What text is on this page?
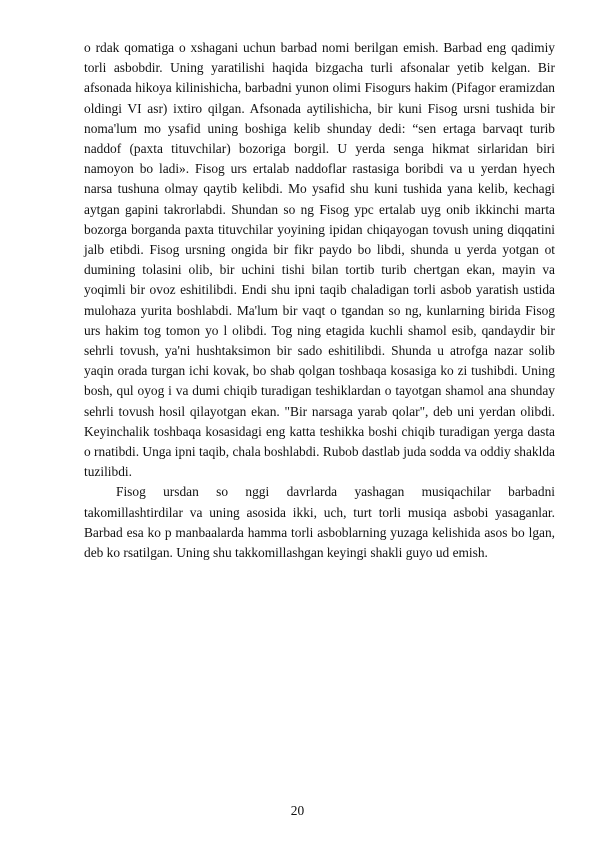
o rdak qomatiga o xshagani uchun barbad nomi berilgan emish. Barbad eng qadimiy torli asbobdir. Uning yaratilishi haqida bizgacha turli afsonalar yetib kelgan. Bir afsonada hikoya kilinishicha, barbadni yunon olimi Fisogurs hakim (Pifagor eramizdan oldingi VI asr) ixtiro qilgan. Afsonada aytilishicha, bir kuni Fisog ursni tushida bir noma'lum mo ysafid uning boshiga kelib shunday dedi: “sen ertaga barvaqt turib naddof (paxta tituvchilar) bozoriga borgil. U yerda senga hikmat sirlaridan biri namoyon bo ladi». Fisog urs ertalab naddoflar rastasiga boribdi va u yerdan hyech narsa tushuna olmay qaytib kelibdi. Mo ysafid shu kuni tushida yana kelib, kechagi aytgan gapini takrorlabdi. Shundan so ng Fisog ypc ertalab uyg onib ikkinchi marta bozorga borganda paxta tituvchilar yoyining ipidan chiqayogan tovush uning diqqatini jalb etibdi. Fisog ursning ongida bir fikr paydo bo libdi, shunda u yerda yotgan ot dumining tolasini olib, bir uchini tishi bilan tortib turib chertgan ekan, mayin va yoqimli bir ovoz eshitilibdi. Endi shu ipni taqib chaladigan torli asbob yaratish ustida mulohaza yurita boshlabdi. Ma'lum bir vaqt o tgandan so ng, kunlarning birida Fisog urs hakim tog tomon yo l olibdi. Tog ning etagida kuchli shamol esib, qandaydir bir sehrli tovush, ya'ni hushtaksimon bir sado eshitilibdi. Shunda u atrofga nazar solib yaqin orada turgan ichi kovak, bo shab qolgan toshbaqa kosasiga ko zi tushibdi. Uning bosh, qul oyog i va dumi chiqib turadigan teshiklardan o tayotgan shamol ana shunday sehrli tovush hosil qilayotgan ekan. "Bir narsaga yarab qolar", deb uni yerdan olibdi. Keyinchalik toshbaqa kosasidagi eng katta teshikka boshi chiqib turadigan yerga dasta o rnatibdi. Unga ipni taqib, chala boshlabdi. Rubob dastlab juda sodda va oddiy shaklda tuzilibdi.

Fisog ursdan so nggi davrlarda yashagan musiqachilar barbadni takomillashtirdilar va uning asosida ikki, uch, turt torli musiqa asbobi yasaganlar. Barbad esa ko p manbaalarda hamma torli asboblarning yuzaga kelishida asos bo lgan, deb ko rsatilgan. Uning shu takkomillashgan keyingi shakli guyo ud emish.

20
